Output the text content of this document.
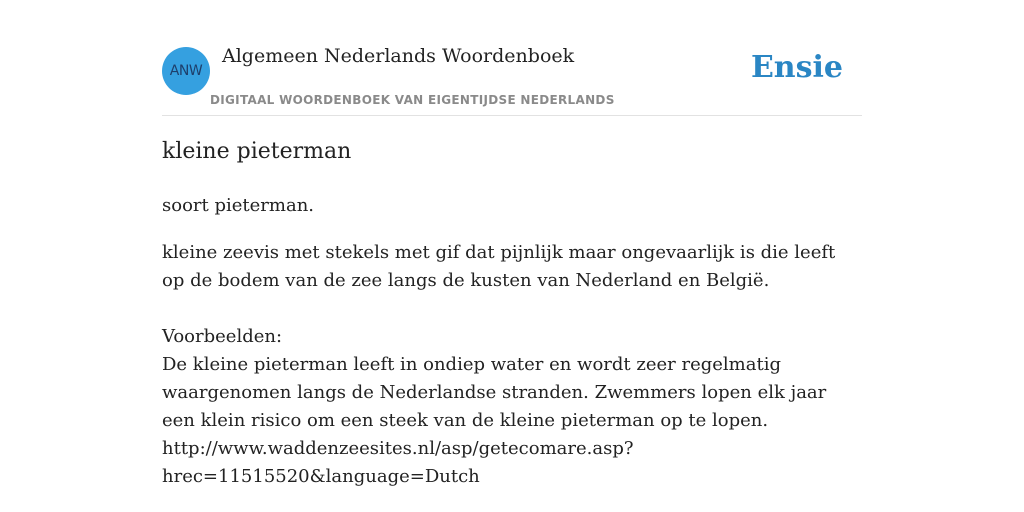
ANW
Algemeen Nederlands Woordenboek
DIGITAAL WOORDENBOEK VAN EIGENTIJDSE NEDERLANDS
Ensie
kleine pieterman

soort pieterman.

kleine zeevis met stekels met gif dat pijnlijk maar ongevaarlijk is die leeft op de bodem van de zee langs de kusten van Nederland en België.

Voorbeelden:
De kleine pieterman leeft in ondiep water en wordt zeer regelmatig waargenomen langs de Nederlandse stranden. Zwemmers lopen elk jaar een klein risico om een steek van de kleine pieterman op te lopen.
http://www.waddenzeesites.nl/asp/getecomare.asp?
hrec=11515520&language=Dutch
